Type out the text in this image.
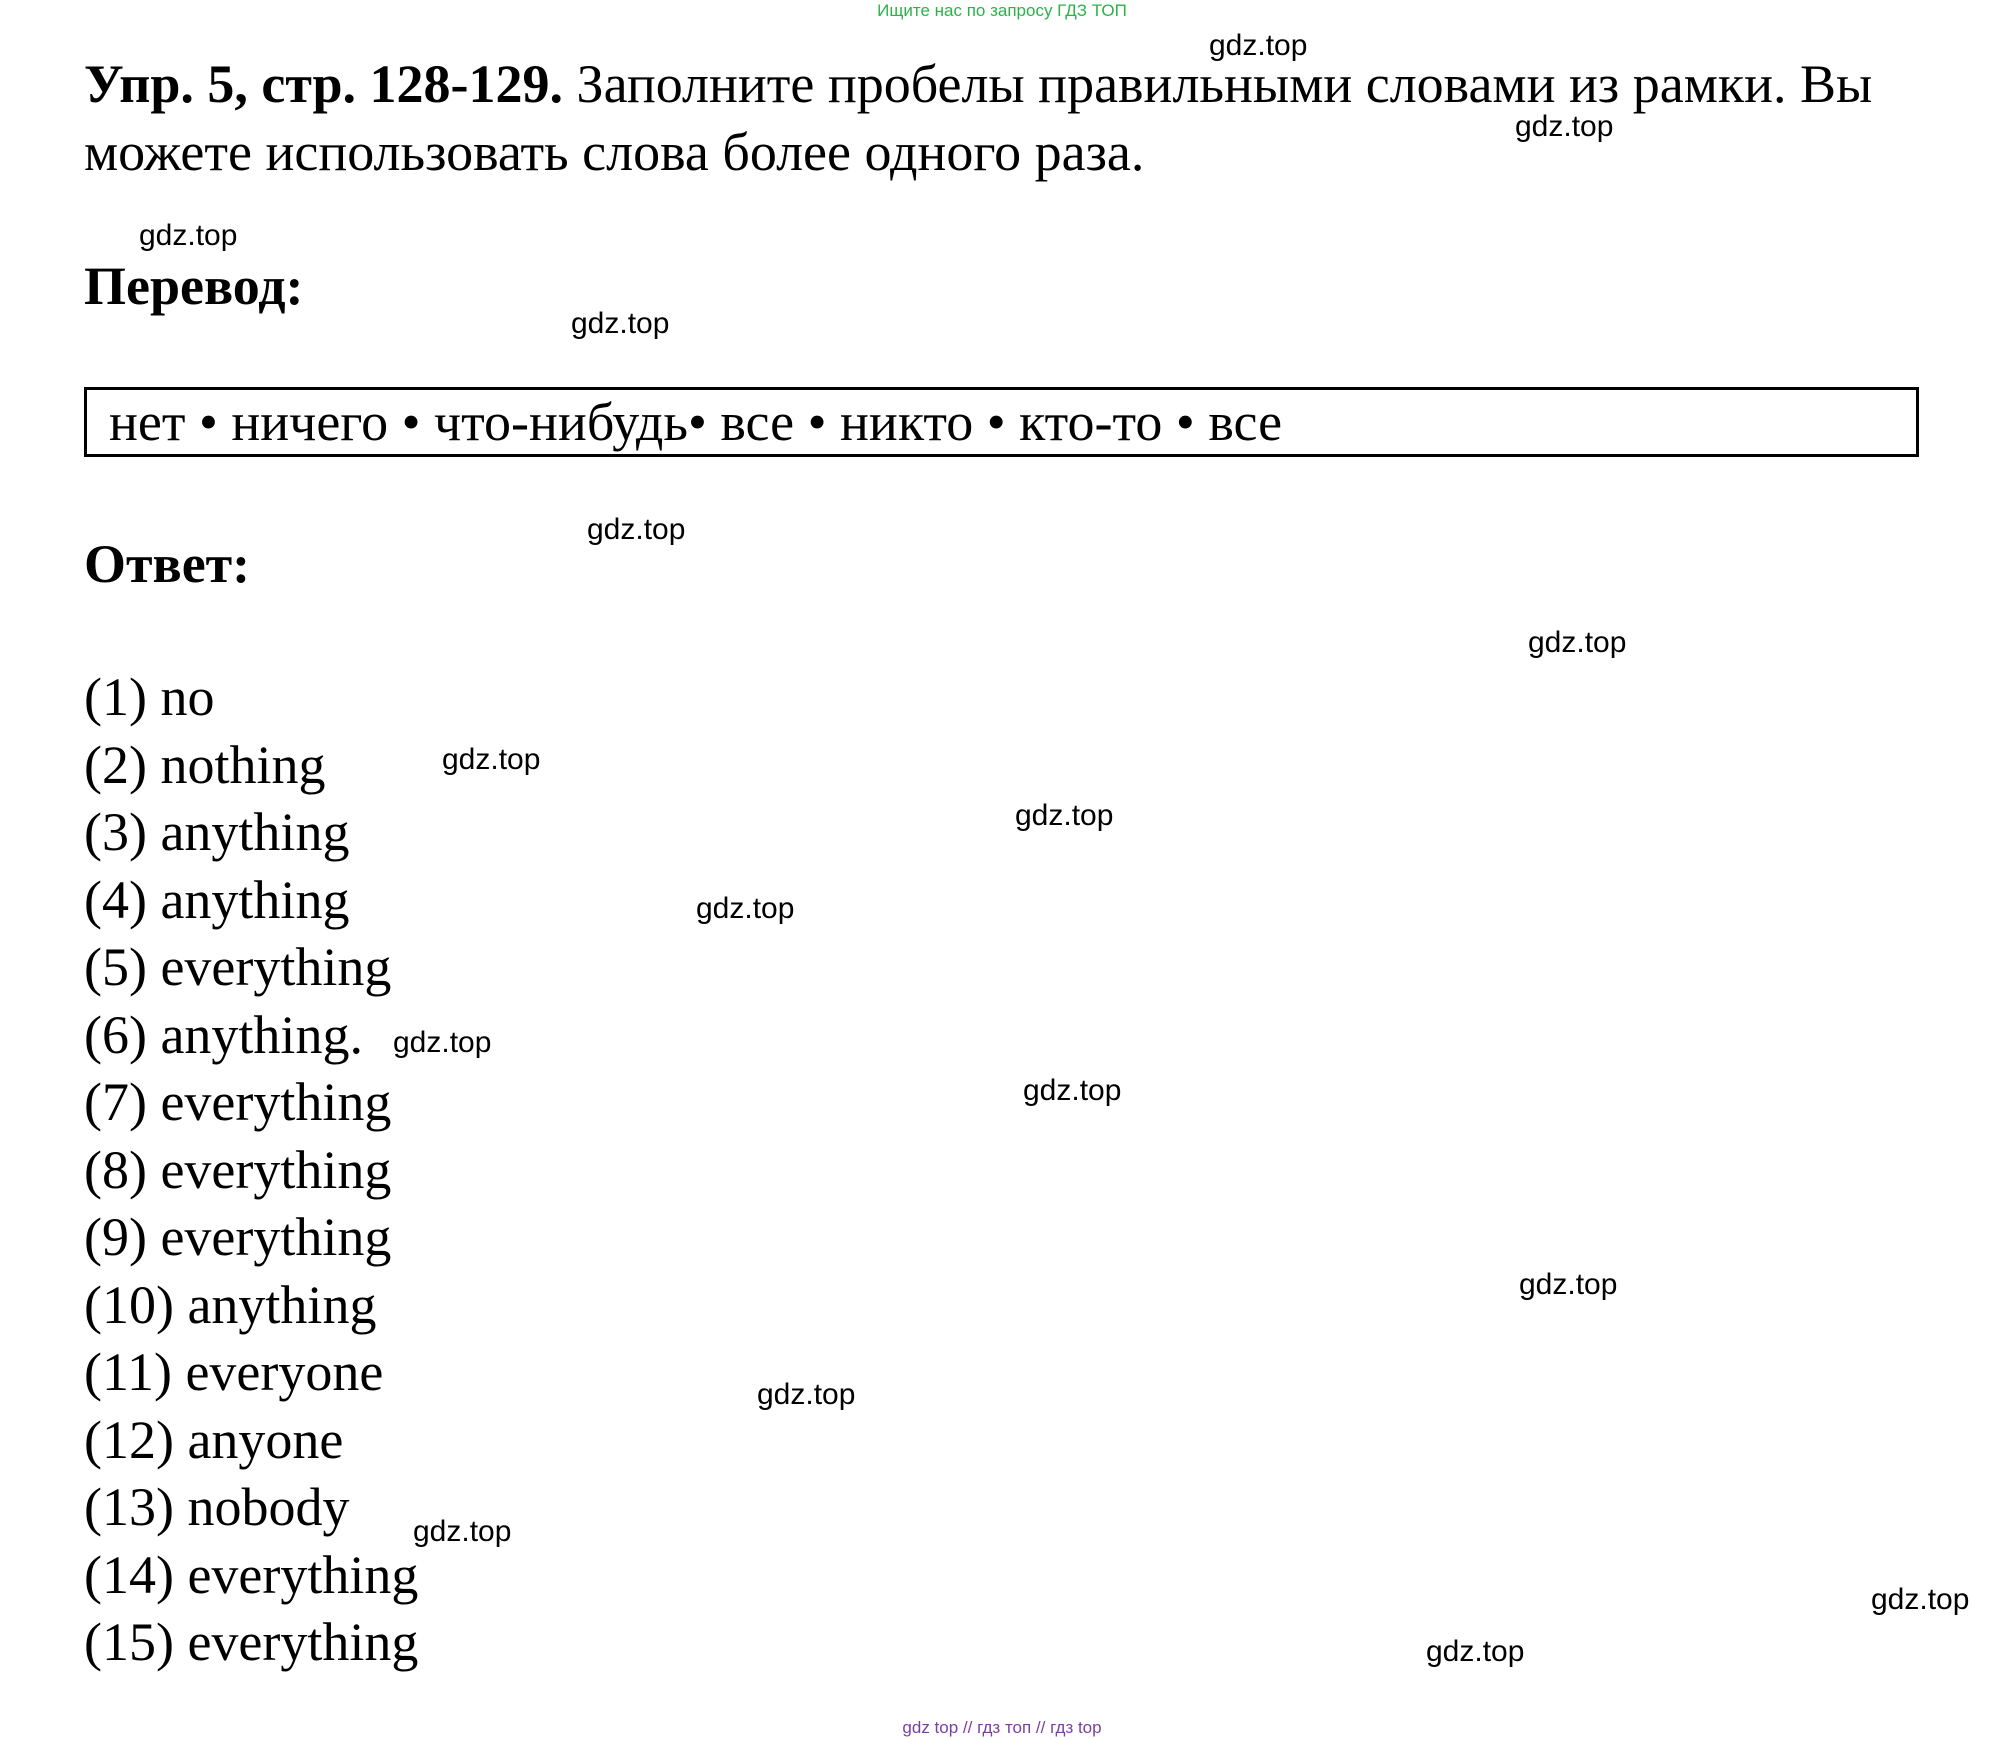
Ищите нас по запросу ГДЗ ТОП

Упр. 5, стр. 128-129. Заполните пробелы правильными словами из рамки. Вы можете использовать слова более одного раза.

Перевод:
нет • ничего • что-нибудь• все • никто • кто-то • все
Ответ:
(1) no
(2) nothing
(3) anything
(4) anything
(5) everything
(6) anything.
(7) everything
(8) everything
(9) everything
(10) anything
(11) everyone
(12) anyone
(13) nobody
(14) everything
(15) everything
gdz.top
gdz.top
gdz.top
gdz.top
gdz.top
gdz.top
gdz.top
gdz.top
gdz.top
gdz.top
gdz.top
gdz.top
gdz.top
gdz.top
gdz.top
gdz.top
gdz top // гдз топ // гдз top
